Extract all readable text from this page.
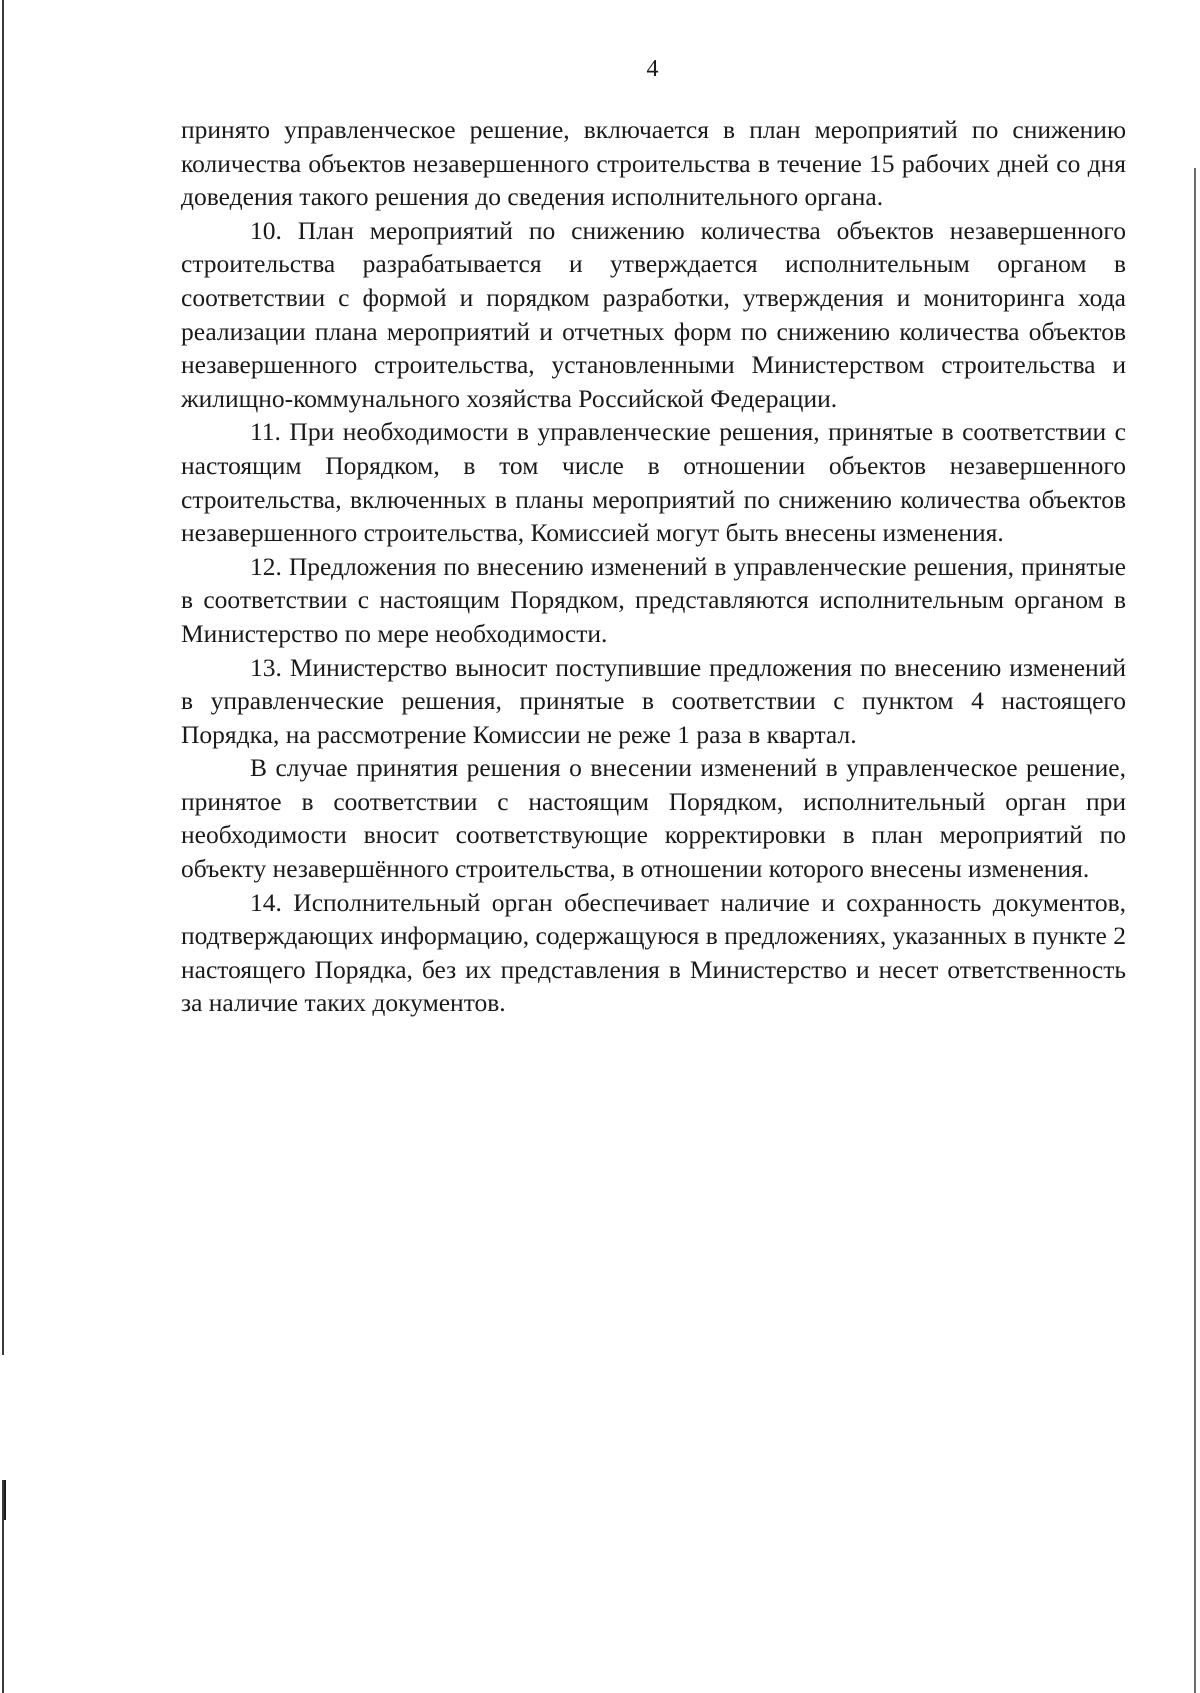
4

принято управленческое решение, включается в план мероприятий по снижению количества объектов незавершенного строительства в течение 15 рабочих дней со дня доведения такого решения до сведения исполнительного органа.

10. План мероприятий по снижению количества объектов незавершенного строительства разрабатывается и утверждается исполнительным органом в соответствии с формой и порядком разработки, утверждения и мониторинга хода реализации плана мероприятий и отчетных форм по снижению количества объектов незавершенного строительства, установленными Министерством строительства и жилищно-коммунального хозяйства Российской Федерации.

11. При необходимости в управленческие решения, принятые в соответствии с настоящим Порядком, в том числе в отношении объектов незавершенного строительства, включенных в планы мероприятий по снижению количества объектов незавершенного строительства, Комиссией могут быть внесены изменения.

12. Предложения по внесению изменений в управленческие решения, принятые в соответствии с настоящим Порядком, представляются исполнительным органом в Министерство по мере необходимости.

13. Министерство выносит поступившие предложения по внесению изменений в управленческие решения, принятые в соответствии с пунктом 4 настоящего Порядка, на рассмотрение Комиссии не реже 1 раза в квартал.

В случае принятия решения о внесении изменений в управленческое решение, принятое в соответствии с настоящим Порядком, исполнительный орган при необходимости вносит соответствующие корректировки в план мероприятий по объекту незавершённого строительства, в отношении которого внесены изменения.

14. Исполнительный орган обеспечивает наличие и сохранность документов, подтверждающих информацию, содержащуюся в предложениях, указанных в пункте 2 настоящего Порядка, без их представления в Министерство и несет ответственность за наличие таких документов.
